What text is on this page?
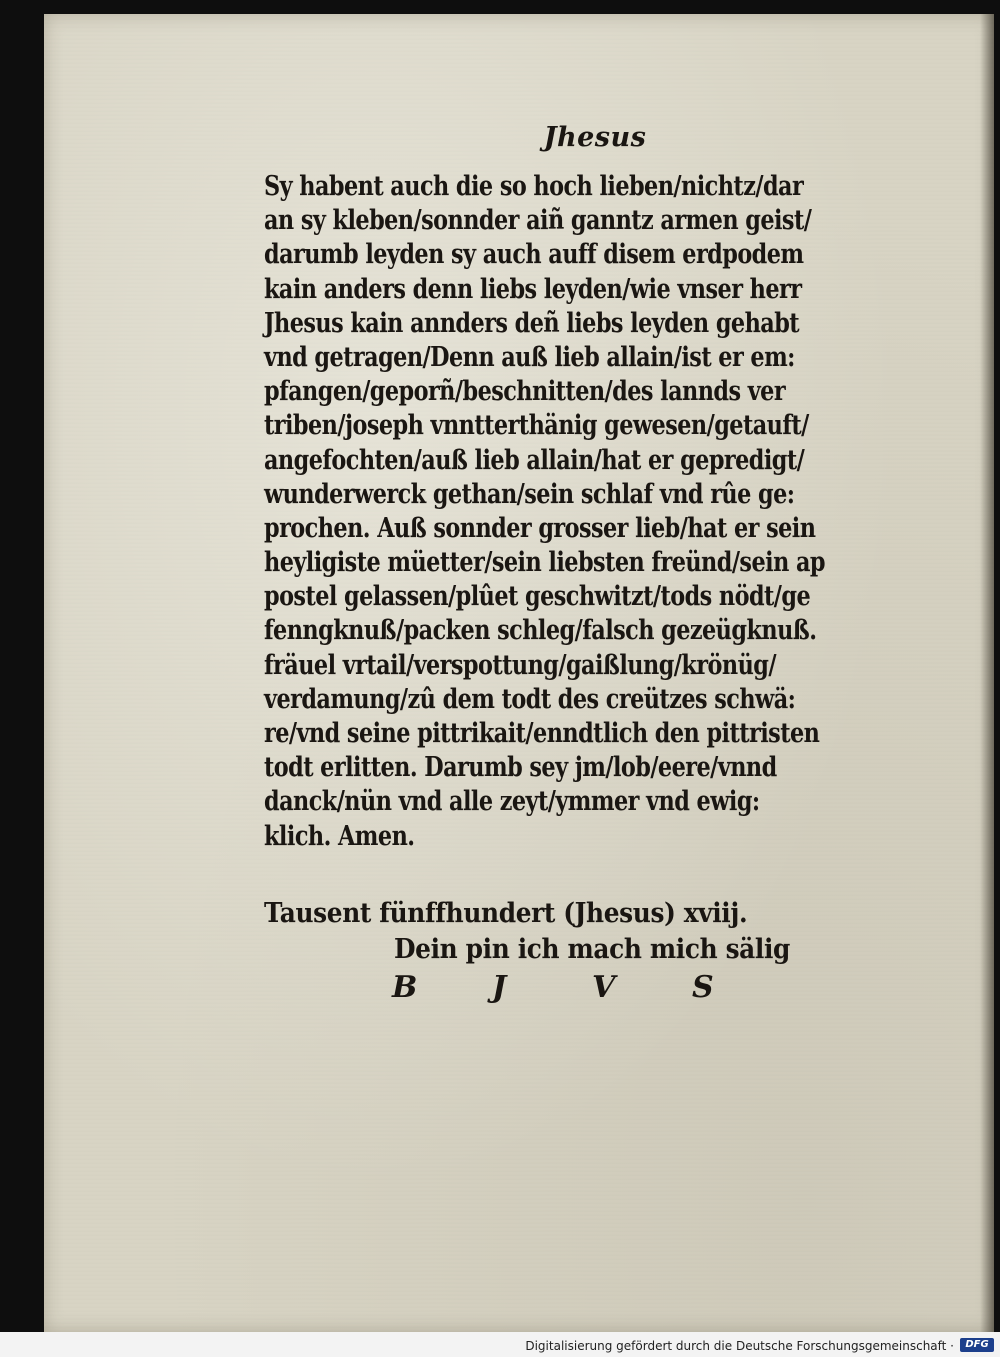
Jhesus
Sy habent auch die so hoch lieben/nichtz/dar
an sy kleben/sonnder aiñ ganntz armen geist/
darumb leyden sy auch auff disem erdpodem
kain anders denn liebs leyden/wie vnser herr
Jhesus kain annders deñ liebs leyden gehabt
vnd getragen/Denn auß lieb allain/ist er em:
pfangen/geporñ/beschnitten/des lannds ver
triben/joseph vnntterthänig gewesen/getauft/
angefochten/auß lieb allain/hat er gepredigt/
wunderwerck gethan/sein schlaf vnd rûe ge:
prochen. Auß sonnder grosser lieb/hat er sein
heyligiste müetter/sein liebsten freünd/sein ap
postel gelassen/plûet geschwitzt/tods nödt/ge
fenngknuß/packen schleg/falsch gezeügknuß.
fräuel vrtail/verspottung/gaißlung/krönüg/
verdamung/zû dem todt des creützes schwä:
re/vnd seine pittrikait/enndtlich den pittristen
todt erlitten. Darumb sey jm/lob/eere/vnnd
danck/nün vnd alle zeyt/ymmer vnd ewig:
klich. Amen.
Tausent fünffhundert (Jhesus) xviij.
Dein pin ich mach mich sälig
B J	V	S
Digitalisierung gefördert durch die Deutsche Forschungsgemeinschaft ·	DFG
